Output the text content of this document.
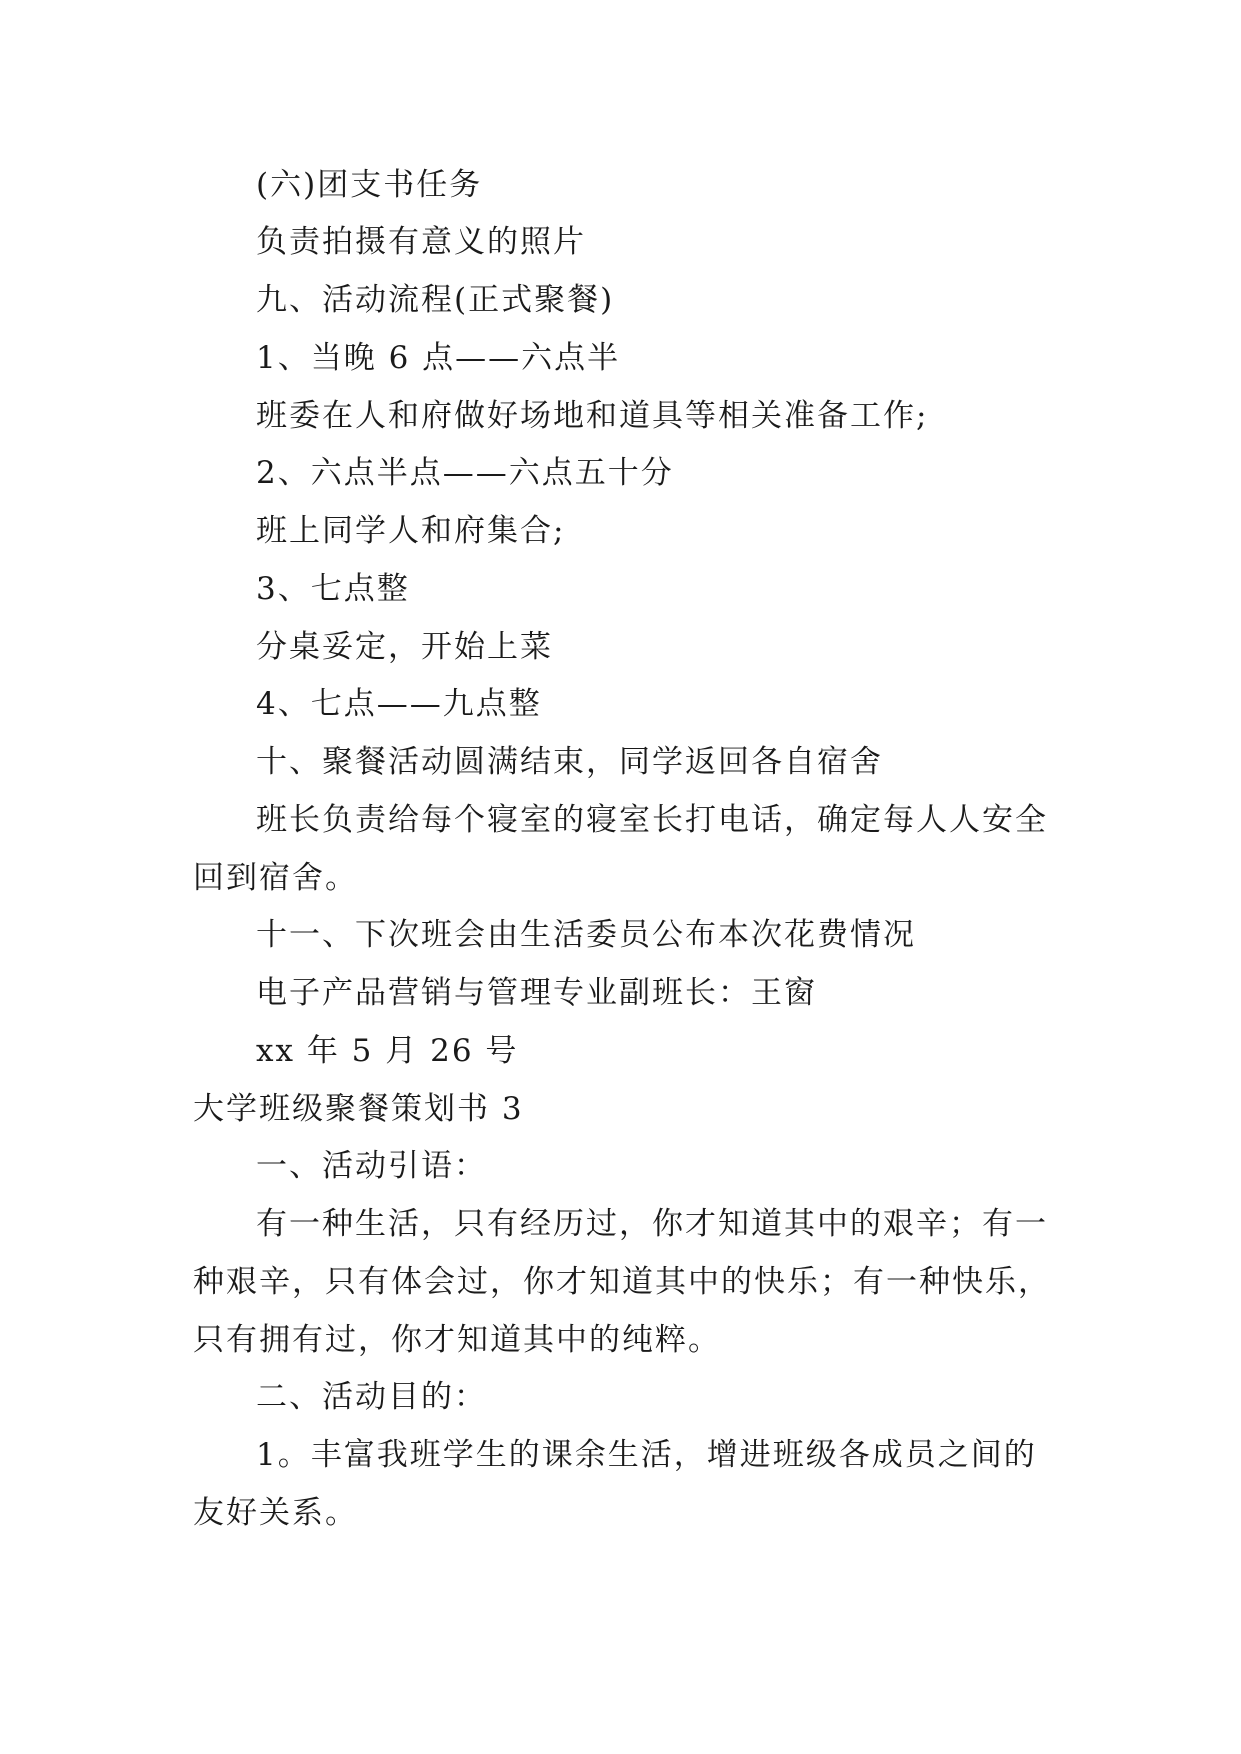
(六)团支书任务
负责拍摄有意义的照片
九、活动流程(正式聚餐)
1、当晚 6 点——六点半
班委在人和府做好场地和道具等相关准备工作;
2、六点半点——六点五十分
班上同学人和府集合;
3、七点整
分桌妥定，开始上菜
4、七点——九点整
十、聚餐活动圆满结束，同学返回各自宿舍
班长负责给每个寝室的寝室长打电话，确定每人人安全
回到宿舍。
十一、下次班会由生活委员公布本次花费情况
电子产品营销与管理专业副班长：王窗
xx 年 5 月 26 号
大学班级聚餐策划书 3
一、活动引语：
有一种生活，只有经历过，你才知道其中的艰辛；有一
种艰辛，只有体会过，你才知道其中的快乐；有一种快乐，
只有拥有过，你才知道其中的纯粹。
二、活动目的：
1。丰富我班学生的课余生活，增进班级各成员之间的
友好关系。
